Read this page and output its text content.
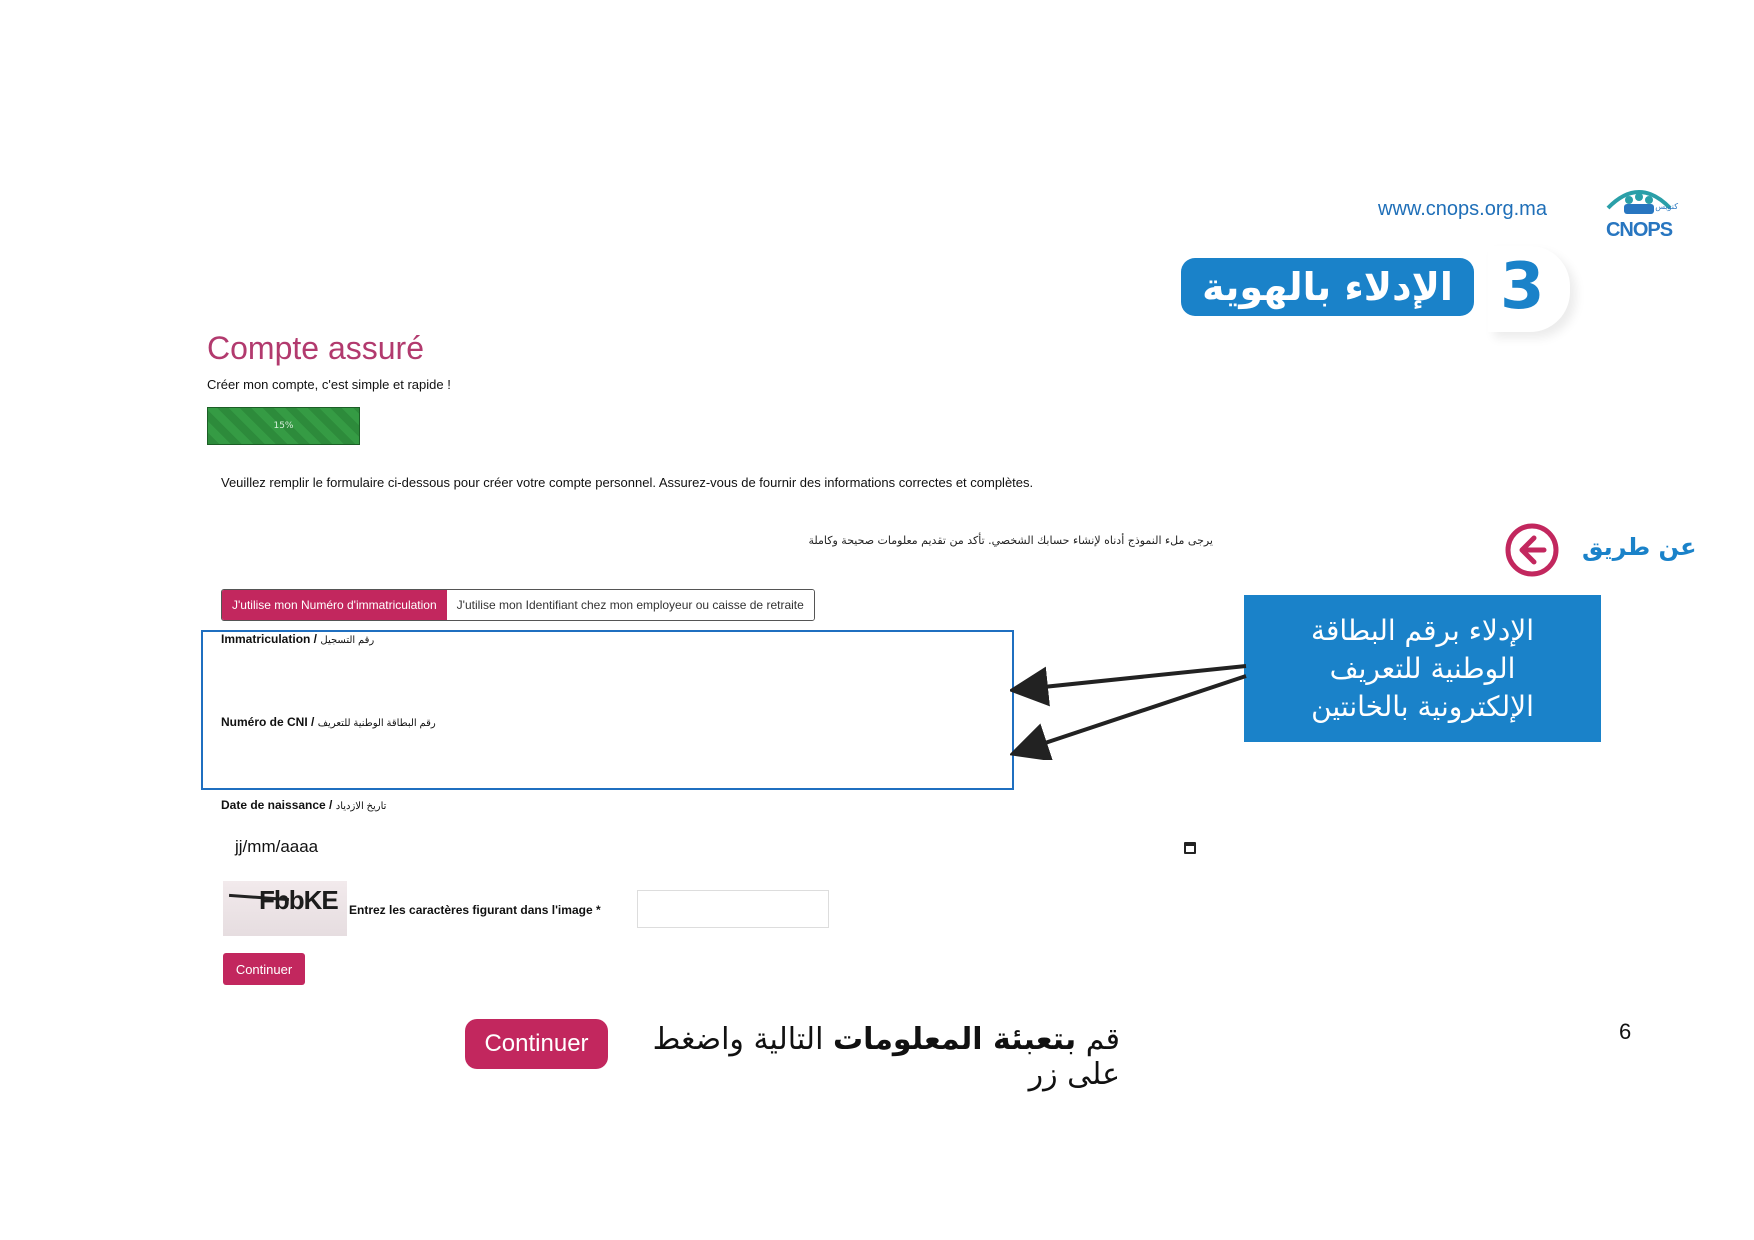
www.cnops.org.ma	كنوبس
CNOPS
3
الإدلاء بالهوية
Compte assuré
Créer mon compte, c'est simple et rapide !
15%
Veuillez remplir le formulaire ci-dessous pour créer votre compte personnel. Assurez-vous de fournir des informations correctes et complètes.
يرجى ملء النموذج أدناه لإنشاء حسابك الشخصي. تأكد من تقديم معلومات صحيحة وكاملة
J'utilise mon Numéro d'immatriculation	J'utilise mon Identifiant chez mon employeur ou caisse de retraite
Immatriculation / رقم التسجيل
Numéro de CNI / رقم البطاقة الوطنية للتعريف
Date de naissance / تاريخ الازدياد
jj/mm/aaaa
FbbKE Entrez les caractères figurant dans l'image *
Continuer
عن طريق
الإدلاء برقم البطاقة
الوطنية للتعريف
الإلكترونية بالخانتين
قم بتعبئة المعلومات التالية واضغط على زر
Continuer	6
